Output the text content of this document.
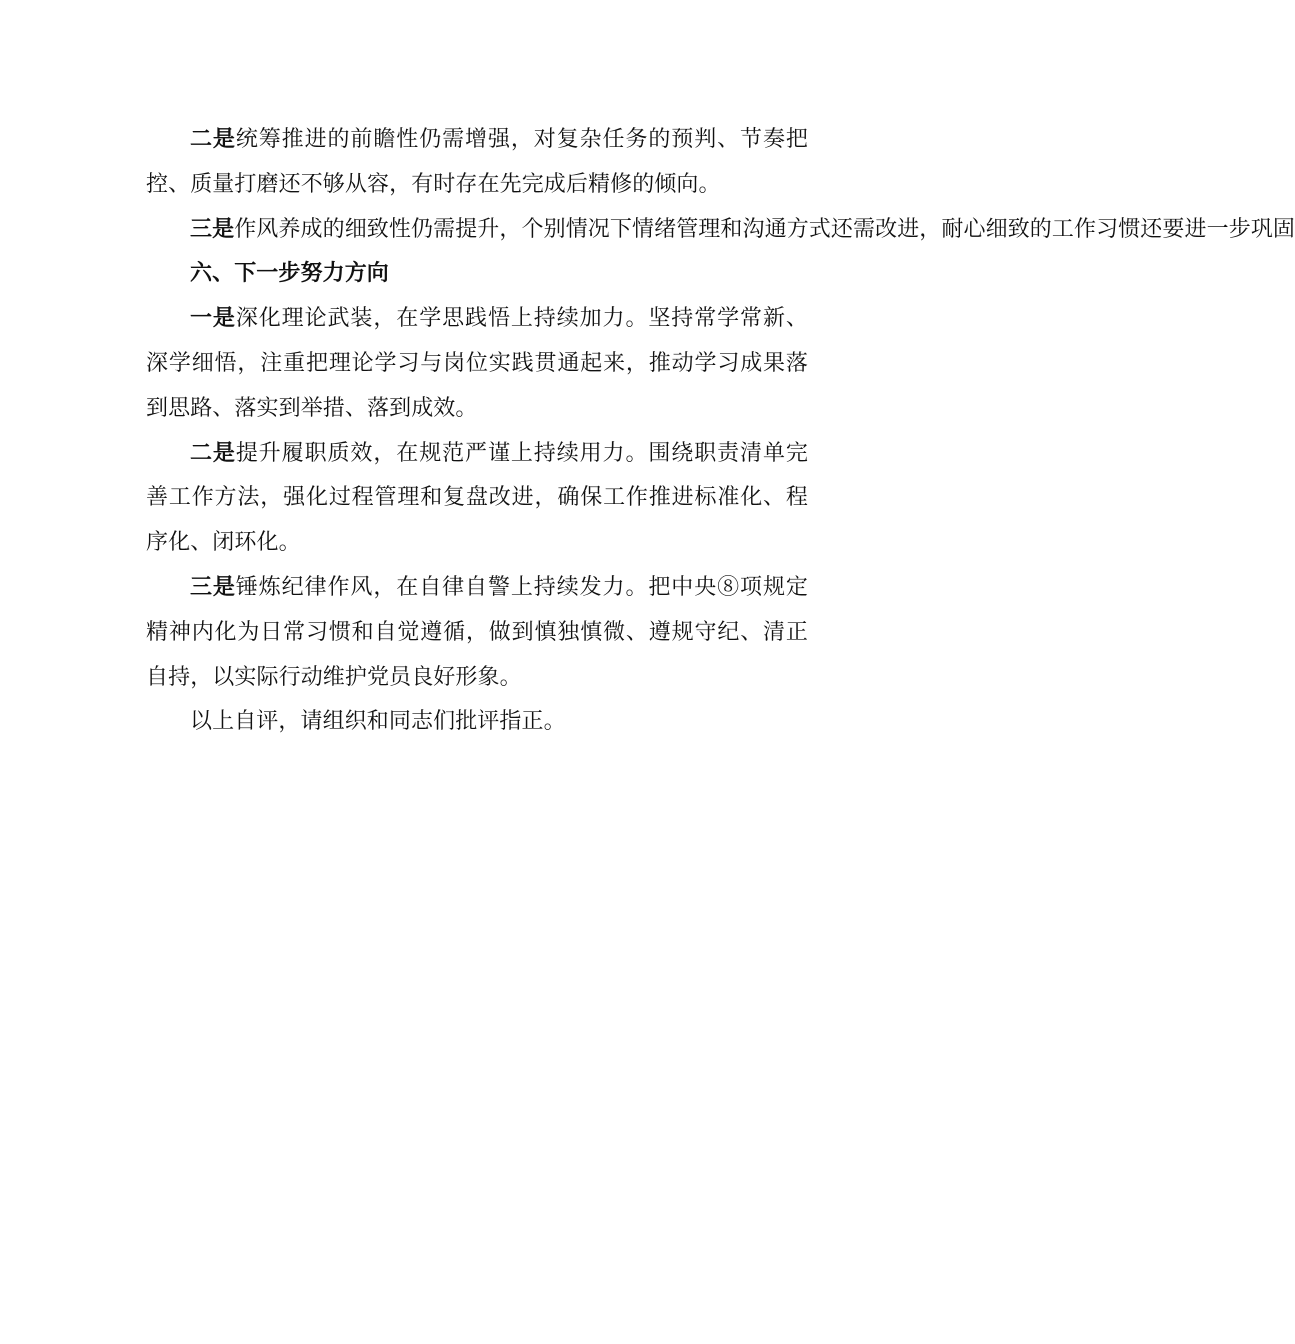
二是统筹推进的前瞻性仍需增强，对复杂任务的预判、节奏把控、质量打磨还不够从容，有时存在先完成后精修的倾向。

三是作风养成的细致性仍需提升，个别情况下情绪管理和沟通方式还需改进，耐心细致的工作习惯还要进一步巩固

六、下一步努力方向

一是深化理论武装，在学思践悟上持续加力。坚持常学常新、深学细悟，注重把理论学习与岗位实践贯通起来，推动学习成果落到思路、落实到举措、落到成效。

二是提升履职质效，在规范严谨上持续用力。围绕职责清单完善工作方法，强化过程管理和复盘改进，确保工作推进标准化、程序化、闭环化。

三是锤炼纪律作风，在自律自警上持续发力。把中央⑧项规定精神内化为日常习惯和自觉遵循，做到慎独慎微、遵规守纪、清正自持，以实际行动维护党员良好形象。

以上自评，请组织和同志们批评指正。
